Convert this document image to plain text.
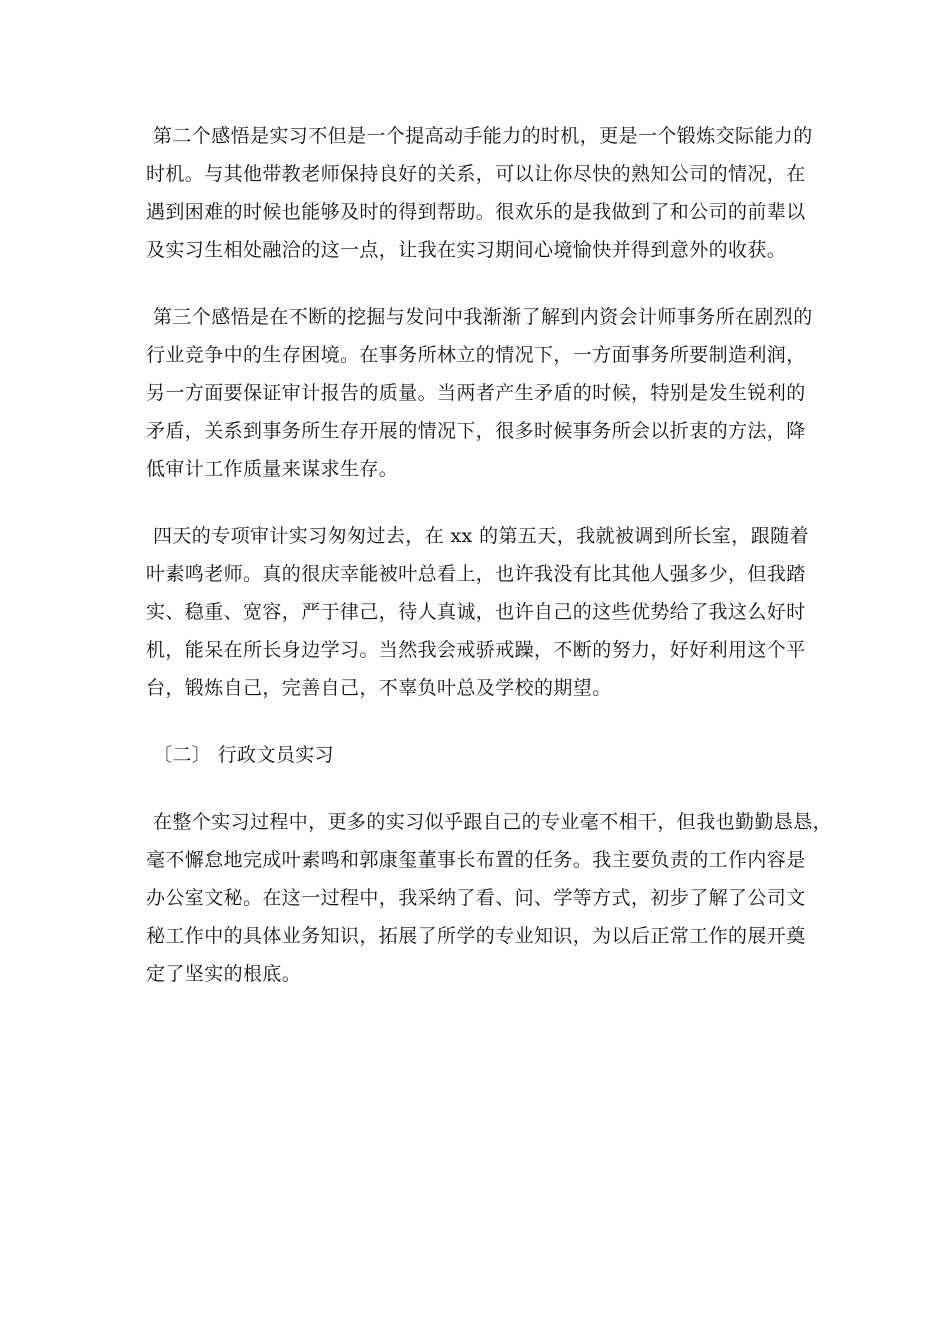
第二个感悟是实习不但是一个提高动手能力的时机，更是一个锻炼交际能力的
时机。与其他带教老师保持良好的关系，可以让你尽快的熟知公司的情况，在
遇到困难的时候也能够及时的得到帮助。很欢乐的是我做到了和公司的前辈以
及实习生相处融洽的这一点，让我在实习期间心境愉快并得到意外的收获。
第三个感悟是在不断的挖掘与发问中我渐渐了解到内资会计师事务所在剧烈的
行业竞争中的生存困境。在事务所林立的情况下，一方面事务所要制造利润，
另一方面要保证审计报告的质量。当两者产生矛盾的时候，特别是发生锐利的
矛盾，关系到事务所生存开展的情况下，很多时候事务所会以折衷的方法，降
低审计工作质量来谋求生存。
四天的专项审计实习匆匆过去，在 xx 的第五天，我就被调到所长室，跟随着
叶素鸣老师。真的很庆幸能被叶总看上，也许我没有比其他人强多少，但我踏
实、稳重、宽容，严于律己，待人真诚，也许自己的这些优势给了我这么好时
机，能呆在所长身边学习。当然我会戒骄戒躁，不断的努力，好好利用这个平
台，锻炼自己，完善自己，不辜负叶总及学校的期望。
〔二〕 行政文员实习
在整个实习过程中，更多的实习似乎跟自己的专业毫不相干，但我也勤勤恳恳，
毫不懈怠地完成叶素鸣和郭康玺董事长布置的任务。我主要负责的工作内容是
办公室文秘。在这一过程中，我采纳了看、问、学等方式，初步了解了公司文
秘工作中的具体业务知识，拓展了所学的专业知识，为以后正常工作的展开奠
定了坚实的根底。
